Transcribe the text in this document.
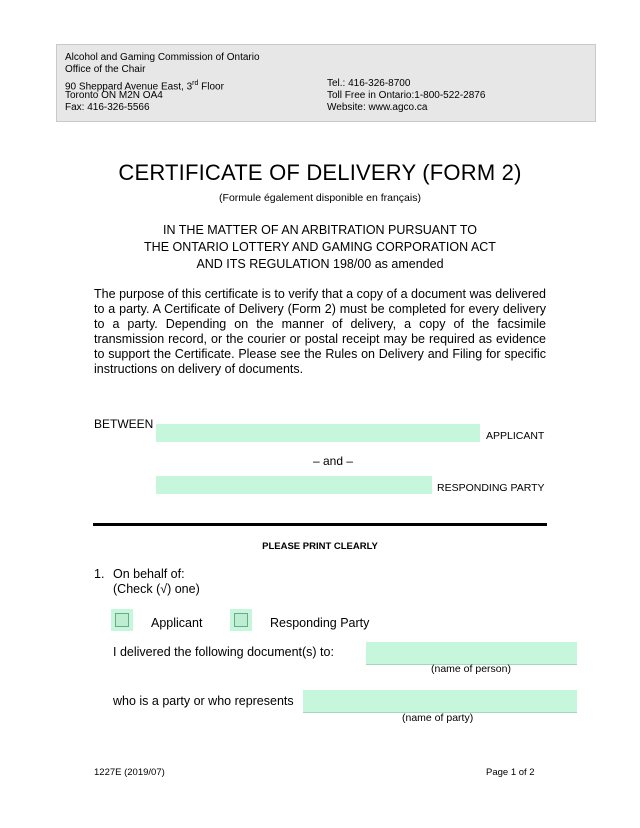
Alcohol and Gaming Commission of Ontario
Office of the Chair
90 Sheppard Avenue East, 3rd Floor
Toronto ON M2N OA4
Fax: 416-326-5566
Tel.: 416-326-8700
Toll Free in Ontario:1-800-522-2876
Website: www.agco.ca
CERTIFICATE OF DELIVERY (FORM 2)
(Formule également disponible en français)
IN THE MATTER OF AN ARBITRATION PURSUANT TO
THE ONTARIO LOTTERY AND GAMING CORPORATION ACT
AND ITS REGULATION 198/00 as amended
The purpose of this certificate is to verify that a copy of a document was delivered to a party. A Certificate of Delivery (Form 2) must be completed for every delivery to a party. Depending on the manner of delivery, a copy of the facsimile transmission record, or the courier or postal receipt may be required as evidence to support the Certificate. Please see the Rules on Delivery and Filing for specific instructions on delivery of documents.
BETWEEN
APPLICANT
– and –
RESPONDING PARTY
PLEASE PRINT CLEARLY
1. On behalf of:
(Check (√) one)
Applicant	Responding Party
I delivered the following document(s) to:
(name of person)
who is a party or who represents
(name of party)
1227E (2019/07)	Page 1 of 2
